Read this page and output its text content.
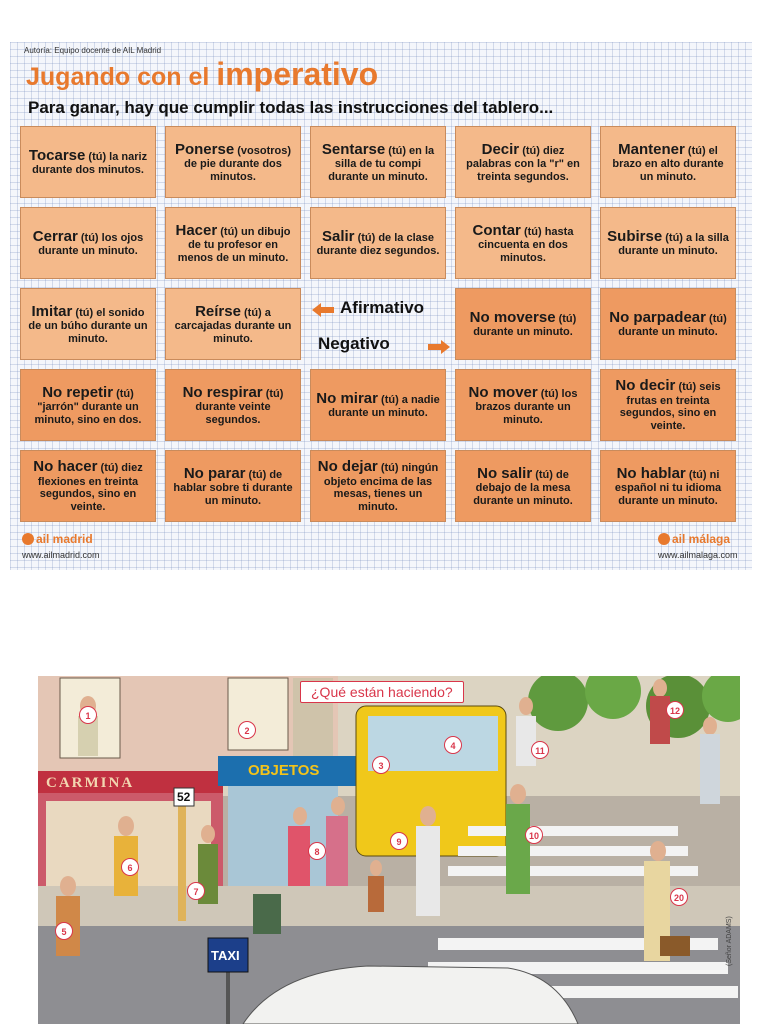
Autoría: Equipo docente de AIL Madrid
Jugando con el imperativo
Para ganar, hay que cumplir todas las instrucciones del tablero...
Afirmativo
Negativo
Tocarse (tú) la nariz durante dos minutos.
Ponerse (vosotros) de pie durante dos minutos.
Sentarse (tú) en la silla de tu compi durante un minuto.
Decir (tú) diez palabras con la "r" en treinta segundos.
Mantener (tú) el brazo en alto durante un minuto.
Cerrar (tú) los ojos durante un minuto.
Hacer (tú) un dibujo de tu profesor en menos de un minuto.
Salir (tú) de la clase durante diez segundos.
Contar (tú) hasta cincuenta en dos minutos.
Subirse (tú) a la silla durante un minuto.
Imitar (tú) el sonido de un búho durante un minuto.
Reírse (tú) a carcajadas durante un minuto.
No moverse (tú) durante un minuto.
No parpadear (tú) durante un minuto.
No repetir (tú) "jarrón" durante un minuto, sino en dos.
No respirar (tú) durante veinte segundos.
No mirar (tú) a nadie durante un minuto.
No mover (tú) los brazos durante un minuto.
No decir (tú) seis frutas en treinta segundos, sino en veinte.
No hacer (tú) diez flexiones en treinta segundos, sino en veinte.
No parar (tú) de hablar sobre ti durante un minuto.
No dejar (tú) ningún objeto encima de las mesas, tienes un minuto.
No salir (tú) de debajo de la mesa durante un minuto.
No hablar (tú) ni español ni tu idioma durante un minuto.
ail madrid
www.ailmadrid.com
ail málaga
www.ailmalaga.com
¿Qué están haciendo?
CARMINA
OBJETOS
52
TAXI	(Señor ADAMS)
1
2
3
4
5
6
7
8
9
10
11
12
20
